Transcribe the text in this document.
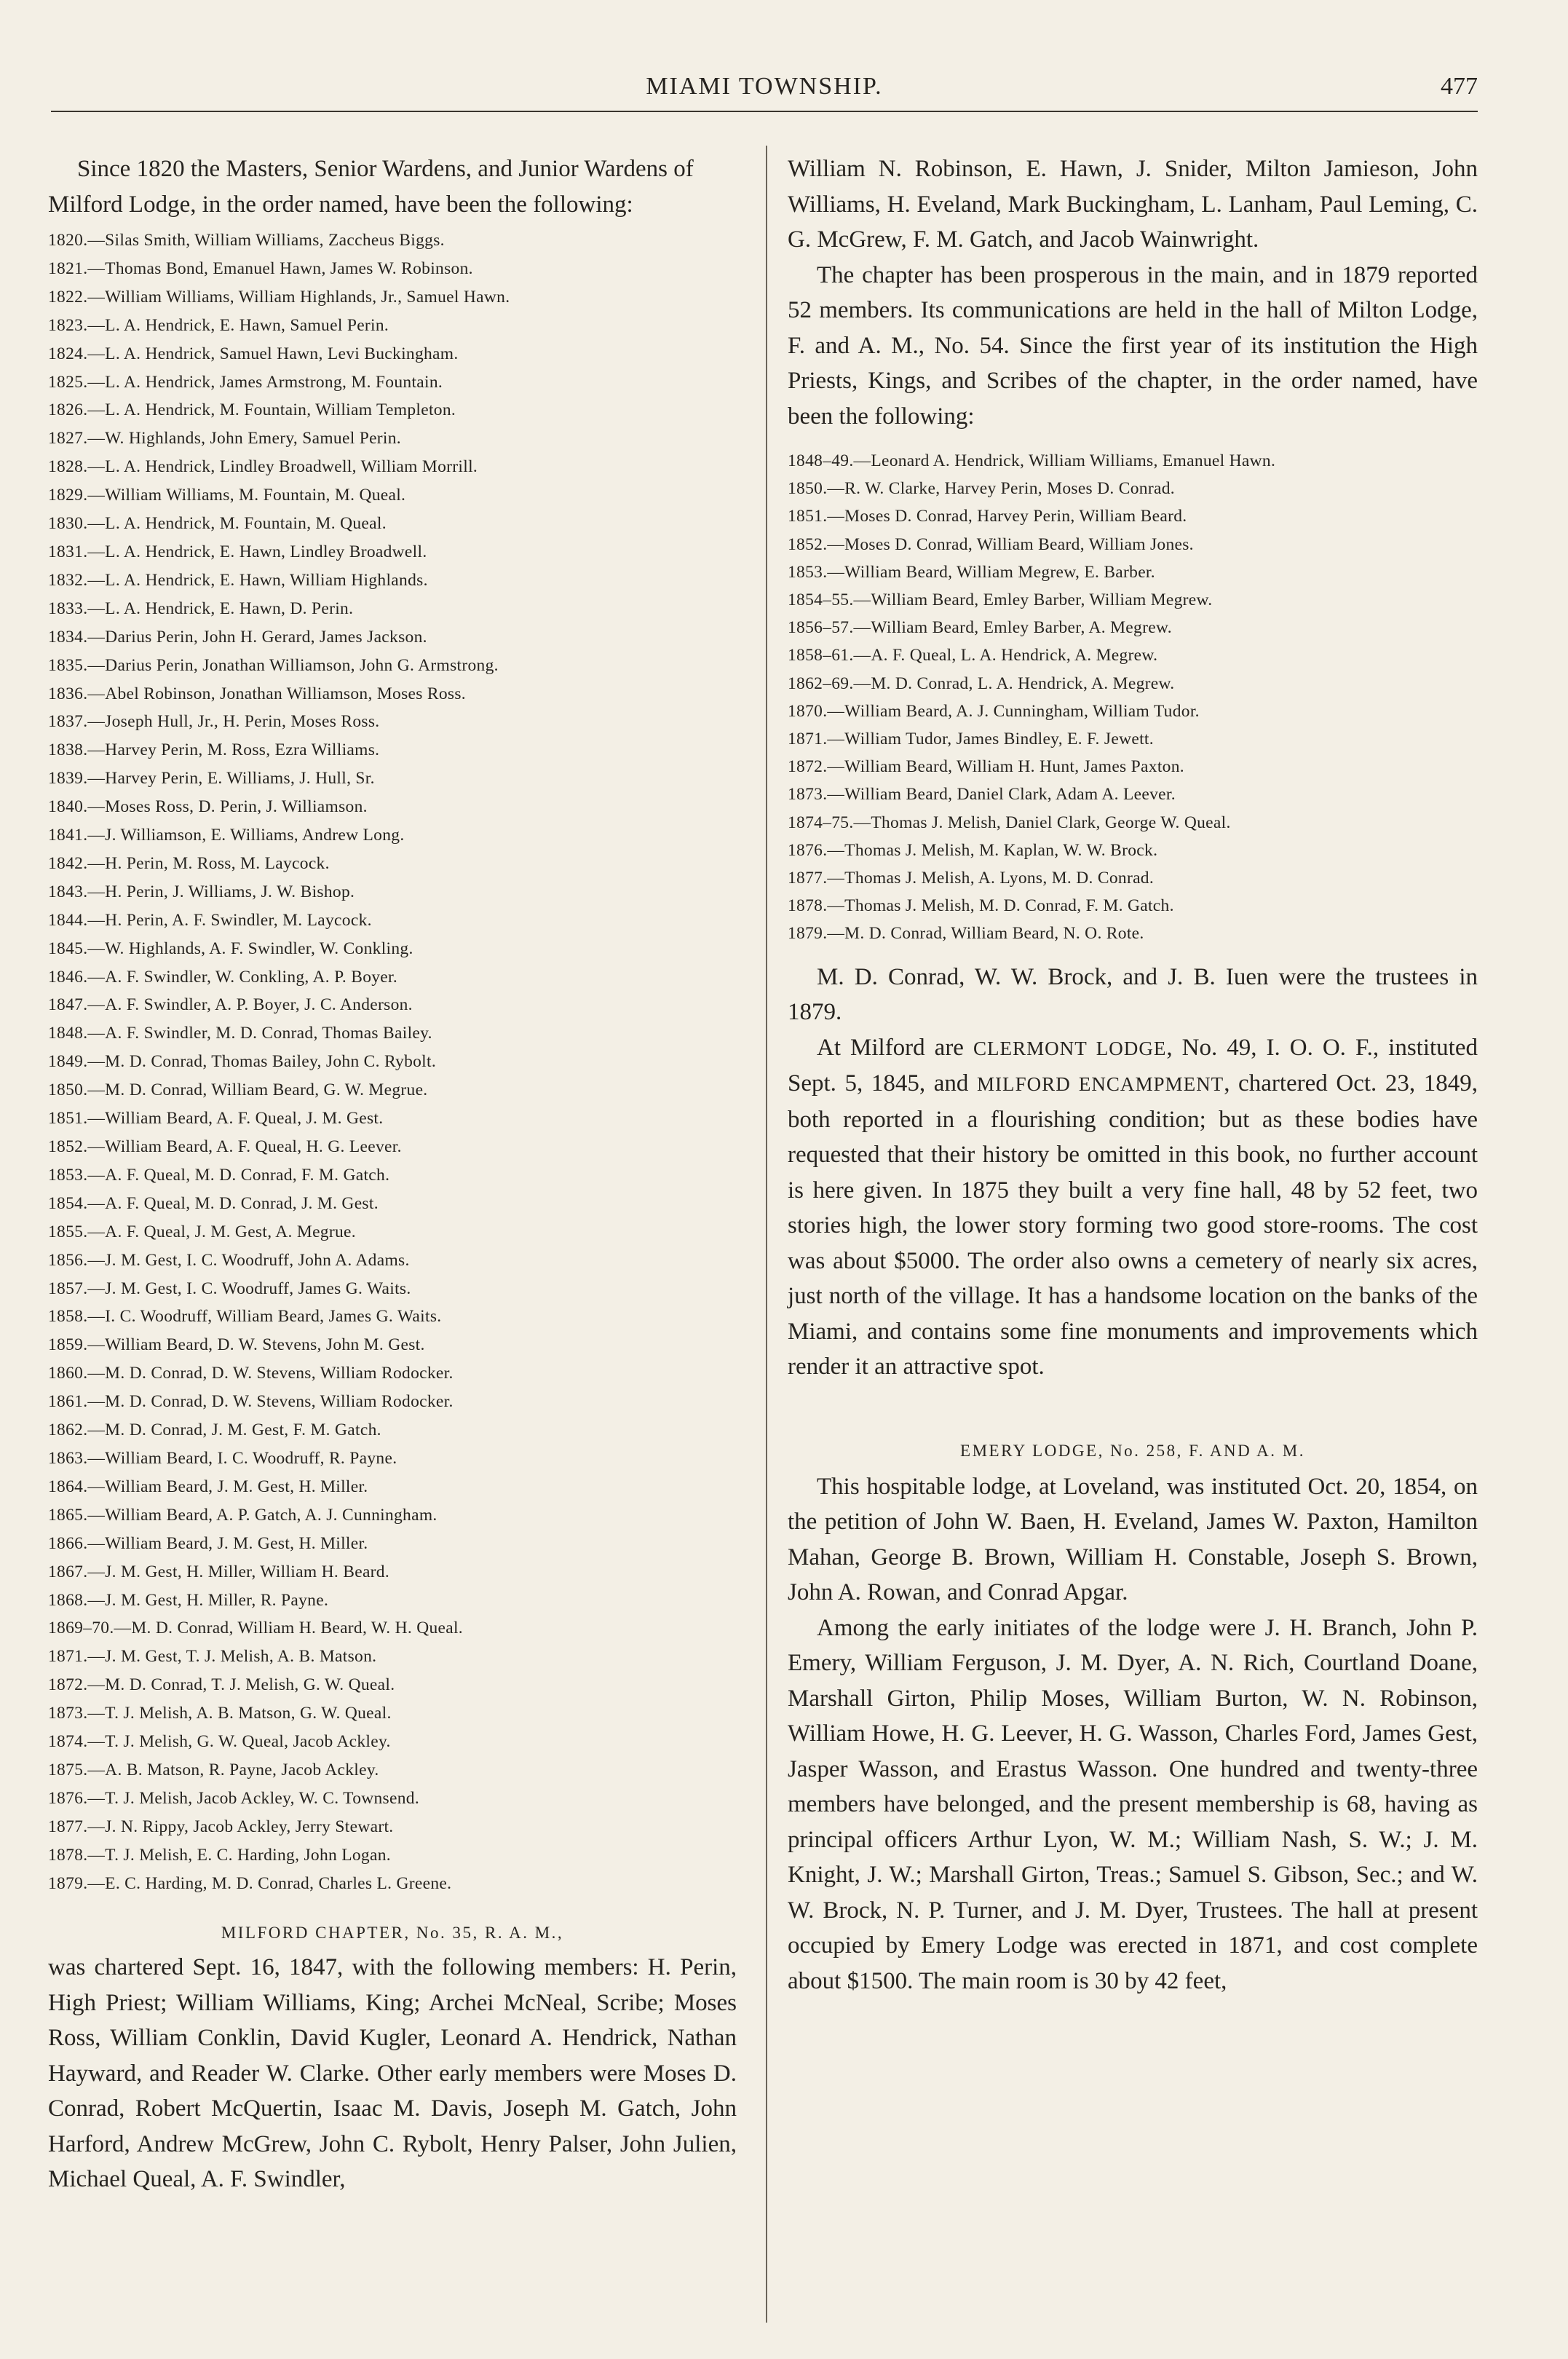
MIAMI TOWNSHIP.	477

Since 1820 the Masters, Senior Wardens, and Junior Wardens of Milford Lodge, in the order named, have been the following:

1820.—Silas Smith, William Williams, Zaccheus Biggs.
1821.—Thomas Bond, Emanuel Hawn, James W. Robinson.
1822.—William Williams, William Highlands, Jr., Samuel Hawn.
1823.—L. A. Hendrick, E. Hawn, Samuel Perin.
1824.—L. A. Hendrick, Samuel Hawn, Levi Buckingham.
1825.—L. A. Hendrick, James Armstrong, M. Fountain.
1826.—L. A. Hendrick, M. Fountain, William Templeton.
1827.—W. Highlands, John Emery, Samuel Perin.
1828.—L. A. Hendrick, Lindley Broadwell, William Morrill.
1829.—William Williams, M. Fountain, M. Queal.
1830.—L. A. Hendrick, M. Fountain, M. Queal.
1831.—L. A. Hendrick, E. Hawn, Lindley Broadwell.
1832.—L. A. Hendrick, E. Hawn, William Highlands.
1833.—L. A. Hendrick, E. Hawn, D. Perin.
1834.—Darius Perin, John H. Gerard, James Jackson.
1835.—Darius Perin, Jonathan Williamson, John G. Armstrong.
1836.—Abel Robinson, Jonathan Williamson, Moses Ross.
1837.—Joseph Hull, Jr., H. Perin, Moses Ross.
1838.—Harvey Perin, M. Ross, Ezra Williams.
1839.—Harvey Perin, E. Williams, J. Hull, Sr.
1840.—Moses Ross, D. Perin, J. Williamson.
1841.—J. Williamson, E. Williams, Andrew Long.
1842.—H. Perin, M. Ross, M. Laycock.
1843.—H. Perin, J. Williams, J. W. Bishop.
1844.—H. Perin, A. F. Swindler, M. Laycock.
1845.—W. Highlands, A. F. Swindler, W. Conkling.
1846.—A. F. Swindler, W. Conkling, A. P. Boyer.
1847.—A. F. Swindler, A. P. Boyer, J. C. Anderson.
1848.—A. F. Swindler, M. D. Conrad, Thomas Bailey.
1849.—M. D. Conrad, Thomas Bailey, John C. Rybolt.
1850.—M. D. Conrad, William Beard, G. W. Megrue.
1851.—William Beard, A. F. Queal, J. M. Gest.
1852.—William Beard, A. F. Queal, H. G. Leever.
1853.—A. F. Queal, M. D. Conrad, F. M. Gatch.
1854.—A. F. Queal, M. D. Conrad, J. M. Gest.
1855.—A. F. Queal, J. M. Gest, A. Megrue.
1856.—J. M. Gest, I. C. Woodruff, John A. Adams.
1857.—J. M. Gest, I. C. Woodruff, James G. Waits.
1858.—I. C. Woodruff, William Beard, James G. Waits.
1859.—William Beard, D. W. Stevens, John M. Gest.
1860.—M. D. Conrad, D. W. Stevens, William Rodocker.
1861.—M. D. Conrad, D. W. Stevens, William Rodocker.
1862.—M. D. Conrad, J. M. Gest, F. M. Gatch.
1863.—William Beard, I. C. Woodruff, R. Payne.
1864.—William Beard, J. M. Gest, H. Miller.
1865.—William Beard, A. P. Gatch, A. J. Cunningham.
1866.—William Beard, J. M. Gest, H. Miller.
1867.—J. M. Gest, H. Miller, William H. Beard.
1868.—J. M. Gest, H. Miller, R. Payne.
1869–70.—M. D. Conrad, William H. Beard, W. H. Queal.
1871.—J. M. Gest, T. J. Melish, A. B. Matson.
1872.—M. D. Conrad, T. J. Melish, G. W. Queal.
1873.—T. J. Melish, A. B. Matson, G. W. Queal.
1874.—T. J. Melish, G. W. Queal, Jacob Ackley.
1875.—A. B. Matson, R. Payne, Jacob Ackley.
1876.—T. J. Melish, Jacob Ackley, W. C. Townsend.
1877.—J. N. Rippy, Jacob Ackley, Jerry Stewart.
1878.—T. J. Melish, E. C. Harding, John Logan.
1879.—E. C. Harding, M. D. Conrad, Charles L. Greene.

MILFORD CHAPTER, No. 35, R. A. M.,

was chartered Sept. 16, 1847, with the following members: H. Perin, High Priest; William Williams, King; Archei McNeal, Scribe; Moses Ross, William Conklin, David Kugler, Leonard A. Hendrick, Nathan Hayward, and Reader W. Clarke. Other early members were Moses D. Conrad, Robert McQuertin, Isaac M. Davis, Joseph M. Gatch, John Harford, Andrew McGrew, John C. Rybolt, Henry Palser, John Julien, Michael Queal, A. F. Swindler,

William N. Robinson, E. Hawn, J. Snider, Milton Jamieson, John Williams, H. Eveland, Mark Buckingham, L. Lanham, Paul Leming, C. G. McGrew, F. M. Gatch, and Jacob Wainwright.

The chapter has been prosperous in the main, and in 1879 reported 52 members. Its communications are held in the hall of Milton Lodge, F. and A. M., No. 54. Since the first year of its institution the High Priests, Kings, and Scribes of the chapter, in the order named, have been the following:

1848–49.—Leonard A. Hendrick, William Williams, Emanuel Hawn.
1850.—R. W. Clarke, Harvey Perin, Moses D. Conrad.
1851.—Moses D. Conrad, Harvey Perin, William Beard.
1852.—Moses D. Conrad, William Beard, William Jones.
1853.—William Beard, William Megrew, E. Barber.
1854–55.—William Beard, Emley Barber, William Megrew.
1856–57.—William Beard, Emley Barber, A. Megrew.
1858–61.—A. F. Queal, L. A. Hendrick, A. Megrew.
1862–69.—M. D. Conrad, L. A. Hendrick, A. Megrew.
1870.—William Beard, A. J. Cunningham, William Tudor.
1871.—William Tudor, James Bindley, E. F. Jewett.
1872.—William Beard, William H. Hunt, James Paxton.
1873.—William Beard, Daniel Clark, Adam A. Leever.
1874–75.—Thomas J. Melish, Daniel Clark, George W. Queal.
1876.—Thomas J. Melish, M. Kaplan, W. W. Brock.
1877.—Thomas J. Melish, A. Lyons, M. D. Conrad.
1878.—Thomas J. Melish, M. D. Conrad, F. M. Gatch.
1879.—M. D. Conrad, William Beard, N. O. Rote.

M. D. Conrad, W. W. Brock, and J. B. Iuen were the trustees in 1879.

At Milford are CLERMONT LODGE, No. 49, I. O. O. F., instituted Sept. 5, 1845, and MILFORD ENCAMPMENT, chartered Oct. 23, 1849, both reported in a flourishing condition; but as these bodies have requested that their history be omitted in this book, no further account is here given. In 1875 they built a very fine hall, 48 by 52 feet, two stories high, the lower story forming two good store-rooms. The cost was about $5000. The order also owns a cemetery of nearly six acres, just north of the village. It has a handsome location on the banks of the Miami, and contains some fine monuments and improvements which render it an attractive spot.

EMERY LODGE, No. 258, F. AND A. M.

This hospitable lodge, at Loveland, was instituted Oct. 20, 1854, on the petition of John W. Baen, H. Eveland, James W. Paxton, Hamilton Mahan, George B. Brown, William H. Constable, Joseph S. Brown, John A. Rowan, and Conrad Apgar.

Among the early initiates of the lodge were J. H. Branch, John P. Emery, William Ferguson, J. M. Dyer, A. N. Rich, Courtland Doane, Marshall Girton, Philip Moses, William Burton, W. N. Robinson, William Howe, H. G. Leever, H. G. Wasson, Charles Ford, James Gest, Jasper Wasson, and Erastus Wasson. One hundred and twenty-three members have belonged, and the present membership is 68, having as principal officers Arthur Lyon, W. M.; William Nash, S. W.; J. M. Knight, J. W.; Marshall Girton, Treas.; Samuel S. Gibson, Sec.; and W. W. Brock, N. P. Turner, and J. M. Dyer, Trustees. The hall at present occupied by Emery Lodge was erected in 1871, and cost complete about $1500. The main room is 30 by 42 feet,
